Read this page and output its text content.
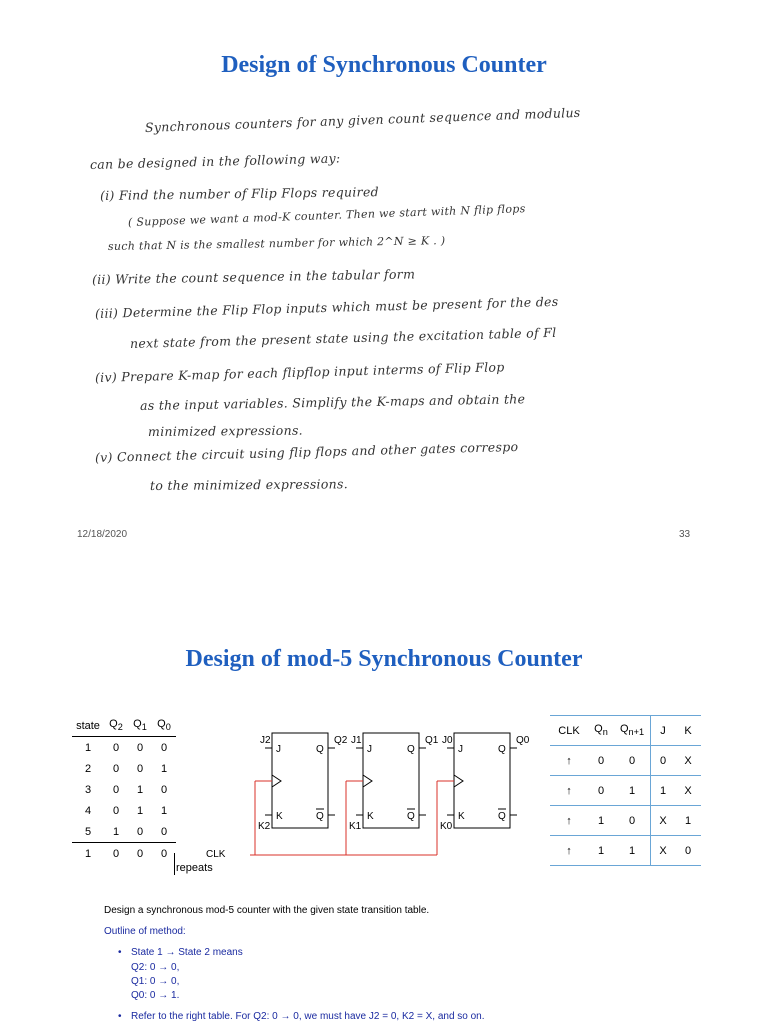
Design of Synchronous Counter
Synchronous counters for any given count sequence and modulus
can be designed in the following way:
(i) Find the number of Flip Flops required
( Suppose we want a mod-K counter. Then we start with N flip flops
such that N is the smallest number for which 2^N ≥ K . )
(ii) Write the count sequence in the tabular form
(iii) Determine the Flip Flop inputs which must be present for the des
next state from the present state using the excitation table of Fl
(iv) Prepare K-map for each flipflop input interms of Flip Flop
as the input variables. Simplify the K-maps and obtain the
minimized expressions.
(v) Connect the circuit using flip flops and other gates correspo
to the minimized expressions.
12/18/2020	33
Design of mod-5 Synchronous Counter
state	$Q_2$	$Q_1$	$Q_0$
1	0	0	0
2	0	0	1
3	0	1	0
4	0	1	1
5	1	0	0
1	0	0	0
repeats
J2
J
K
K2
Q
Q
Q2 J1
J
K
K1
Q
Q
Q1 J0
J
K
K0
Q
Q
Q0
CLK
CLK	$Q_n$	$Q_{n+1}$	J	K
↑	0	0	0	X
↑	0	1	1	X
↑	1	0	X	1
↑	1	1	X	0
Design a synchronous mod-5 counter with the given state transition table.
Outline of method:
• State 1 → State 2 means
Q2: 0 → 0,
Q1: 0 → 0,
Q0: 0 → 1.
• Refer to the right table. For Q2: 0 → 0, we must have J2 = 0, K2 = X, and so on.
